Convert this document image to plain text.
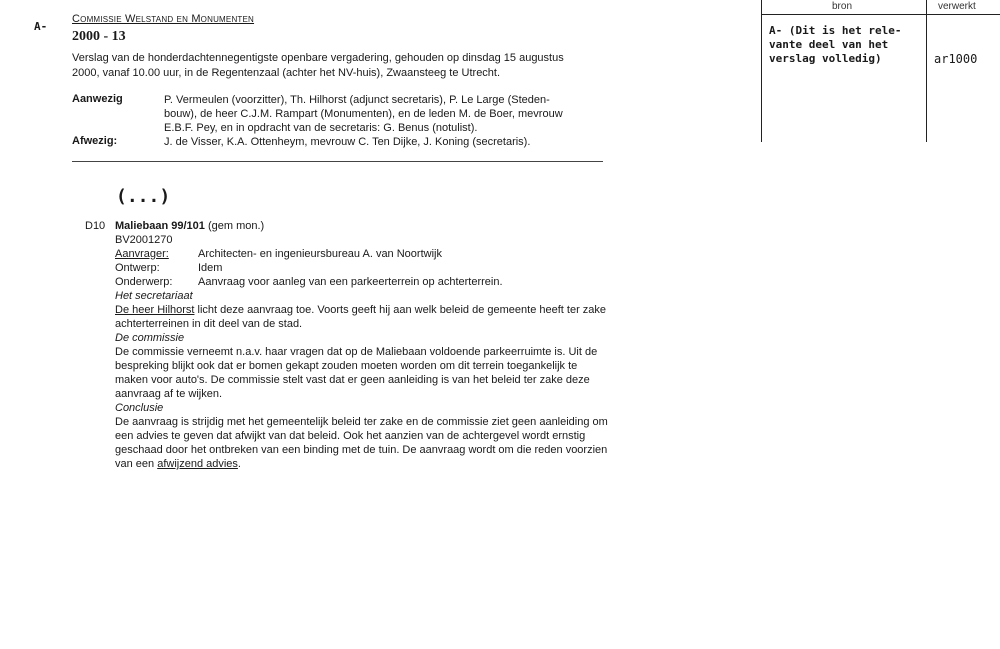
A-
Commissie Welstand en Monumenten
2000 - 13
Verslag van de honderdachtennegentigste openbare vergadering, gehouden op dinsdag 15 augustus
2000, vanaf 10.00 uur, in de Regentenzaal (achter het NV-huis), Zwaansteeg te Utrecht.
Aanwezig	P. Vermeulen (voorzitter), Th. Hilhorst (adjunct secretaris), P. Le Large (Steden-
bouw), de heer C.J.M. Rampart (Monumenten), en de leden M. de Boer, mevrouw
E.B.F. Pey, en in opdracht van de secretaris: G. Benus (notulist).
Afwezig:	J. de Visser, K.A. Ottenheym, mevrouw C. Ten Dijke, J. Koning (secretaris).
bron	verwerkt
A- (Dit is het rele-
vante deel van het
verslag volledig)	ar1000
(...)
D10 Maliebaan 99/101 (gem mon.)
BV2001270
Aanvrager:	Architecten- en ingenieursbureau A. van Noortwijk
Ontwerp:	Idem
Onderwerp:	Aanvraag voor aanleg van een parkeerterrein op achterterrein.
Het secretariaat
De heer Hilhorst licht deze aanvraag toe. Voorts geeft hij aan welk beleid de gemeente heeft ter zake
achterterreinen in dit deel van de stad.
De commissie
De commissie verneemt n.a.v. haar vragen dat op de Maliebaan voldoende parkeerruimte is. Uit de
bespreking blijkt ook dat er bomen gekapt zouden moeten worden om dit terrein toegankelijk te
maken voor auto's. De commissie stelt vast dat er geen aanleiding is van het beleid ter zake deze
aanvraag af te wijken.
Conclusie
De aanvraag is strijdig met het gemeentelijk beleid ter zake en de commissie ziet geen aanleiding om
een advies te geven dat afwijkt van dat beleid. Ook het aanzien van de achtergevel wordt ernstig
geschaad door het ontbreken van een binding met de tuin. De aanvraag wordt om die reden voorzien
van een afwijzend advies.
